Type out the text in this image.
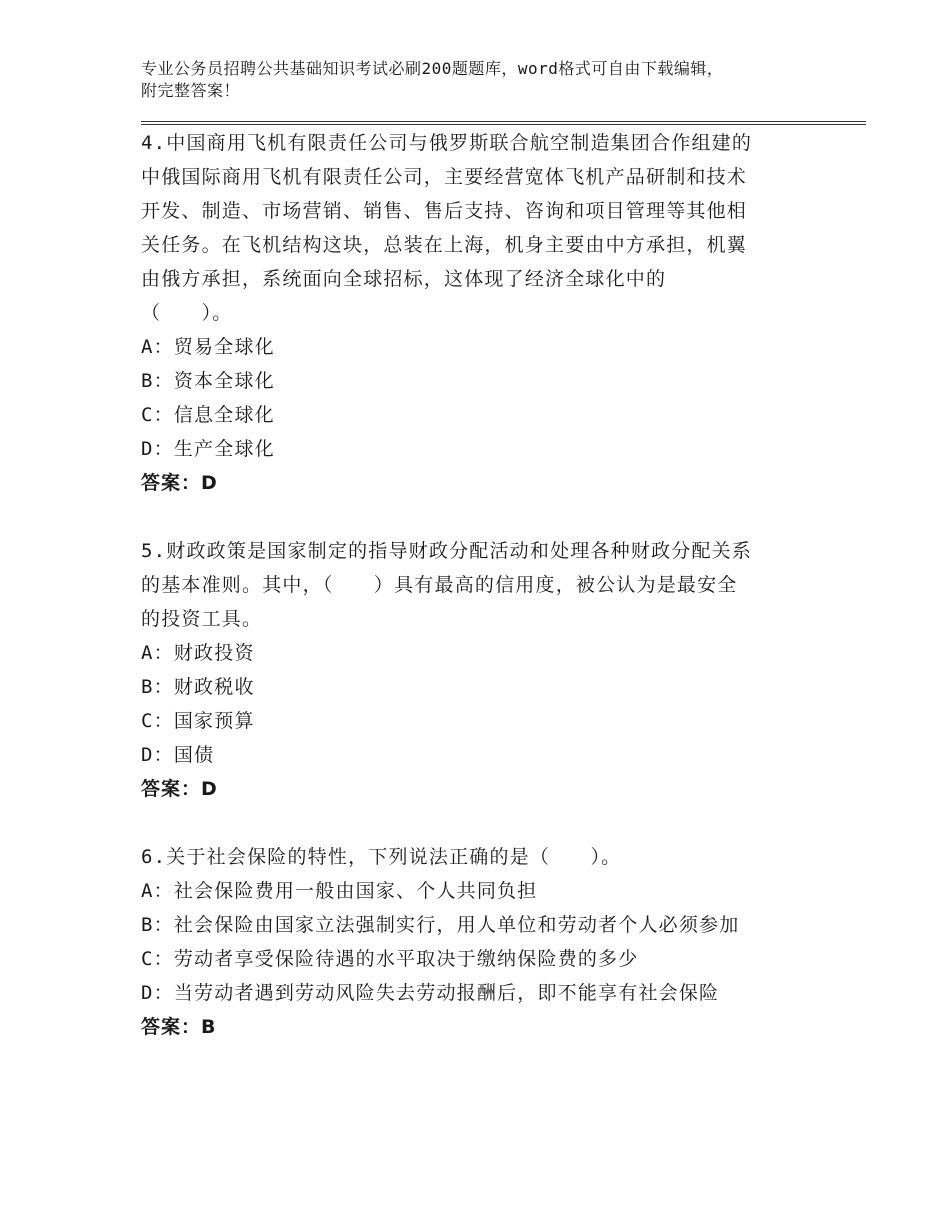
专业公务员招聘公共基础知识考试必刷200题题库，word格式可自由下载编辑，
附完整答案！

4.中国商用飞机有限责任公司与俄罗斯联合航空制造集团合作组建的

中俄国际商用飞机有限责任公司，主要经营宽体飞机产品研制和技术

开发、制造、市场营销、销售、售后支持、咨询和项目管理等其他相

关任务。在飞机结构这块，总装在上海，机身主要由中方承担，机翼

由俄方承担，系统面向全球招标，这体现了经济全球化中的

（　　）。

A：贸易全球化

B：资本全球化

C：信息全球化

D：生产全球化

答案：D

5.财政政策是国家制定的指导财政分配活动和处理各种财政分配关系

的基本准则。其中，（　　）具有最高的信用度，被公认为是最安全

的投资工具。

A：财政投资

B：财政税收

C：国家预算

D：国债

答案：D

6.关于社会保险的特性，下列说法正确的是（　　）。

A：社会保险费用一般由国家、个人共同负担

B：社会保险由国家立法强制实行，用人单位和劳动者个人必须参加

C：劳动者享受保险待遇的水平取决于缴纳保险费的多少

D：当劳动者遇到劳动风险失去劳动报酬后，即不能享有社会保险

答案：B
